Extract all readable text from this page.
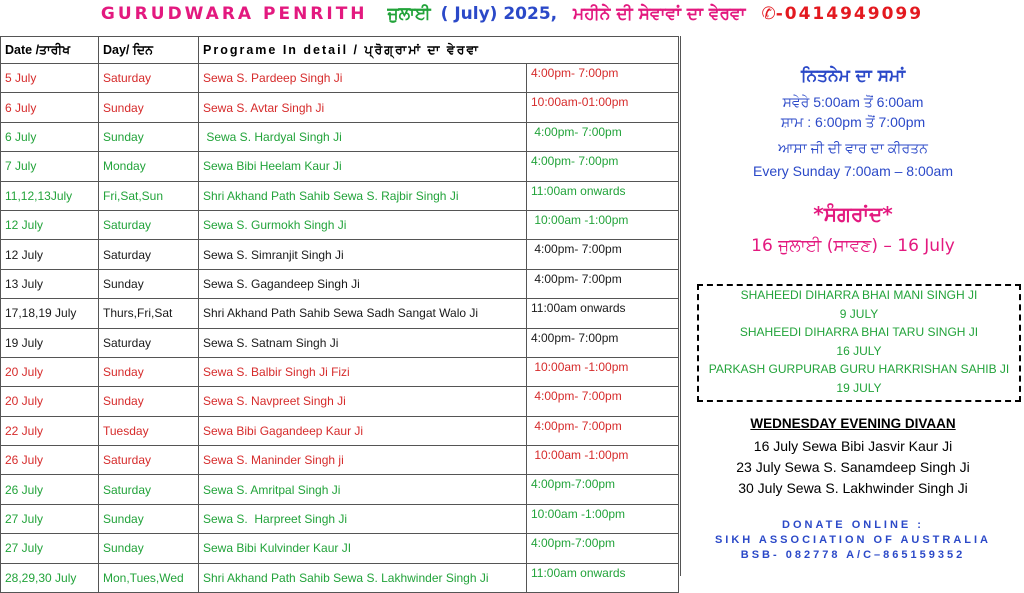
GURUDWARA PENRITH ਜੁਲਾਈ ( July) 2025, ਮਹੀਨੇ ਦੀ ਸੇਵਾਵਾਂ ਦਾ ਵੇਰਵਾ ✆-0414949099
Date /ਤਾਰੀਖ	Day/ ਦਿਨ	Programe In detail / ਪ੍ਰੋਗ੍ਰਾਮਾਂ ਦਾ ਵੇਰਵਾ	
5 July	Saturday	Sewa S. Pardeep Singh Ji	4:00pm- 7:00pm
6 July	Sunday	Sewa S. Avtar Singh Ji	10:00am-01:00pm
6 July	Sunday	Sewa S. Hardyal Singh Ji	4:00pm- 7:00pm
7 July	Monday	Sewa Bibi Heelam Kaur Ji	4:00pm- 7:00pm
11,12,13July	Fri,Sat,Sun	Shri Akhand Path Sahib Sewa S. Rajbir Singh Ji	11:00am onwards
12 July	Saturday	Sewa S. Gurmokh Singh Ji	10:00am -1:00pm
12 July	Saturday	Sewa S. Simranjit Singh Ji	4:00pm- 7:00pm
13 July	Sunday	Sewa S. Gagandeep Singh Ji	4:00pm- 7:00pm
17,18,19 July	Thurs,Fri,Sat	Shri Akhand Path Sahib Sewa Sadh Sangat Walo Ji	11:00am onwards
19 July	Saturday	Sewa S. Satnam Singh Ji	4:00pm- 7:00pm
20 July	Sunday	Sewa S. Balbir Singh Ji Fizi	10:00am -1:00pm
20 July	Sunday	Sewa S. Navpreet Singh Ji	4:00pm- 7:00pm
22 July	Tuesday	Sewa Bibi Gagandeep Kaur Ji	4:00pm- 7:00pm
26 July	Saturday	Sewa S. Maninder Singh ji	10:00am -1:00pm
26 July	Saturday	Sewa S. Amritpal Singh Ji	4:00pm-7:00pm
27 July	Sunday	Sewa S.  Harpreet Singh Ji	10:00am -1:00pm
27 July	Sunday	Sewa Bibi Kulvinder Kaur JI	4:00pm-7:00pm
28,29,30 July	Mon,Tues,Wed	Shri Akhand Path Sahib Sewa S. Lakhwinder Singh Ji	11:00am onwards
ਨਿਤਨੇਮ ਦਾ ਸਮਾਂ
ਸਵੇਰੇ 5:00am ਤੋਂ 6:00am
ਸ਼ਾਮ : 6:00pm ਤੋਂ 7:00pm
ਆਸਾ ਜੀ ਦੀ ਵਾਰ ਦਾ ਕੀਰਤਨ
Every Sunday 7:00am – 8:00am
*ਸੰਗਰਾਂਦ*
16 ਜੁਲਾਈ (ਸਾਵਣ) – 16 July
SHAHEEDI DIHARRA BHAI MANI SINGH JI
9 JULY
SHAHEEDI DIHARRA BHAI TARU SINGH JI
16 JULY
PARKASH GURPURAB GURU HARKRISHAN SAHIB JI
19 JULY
WEDNESDAY EVENING DIVAAN
16 July Sewa Bibi Jasvir Kaur Ji
23 July Sewa S. Sanamdeep Singh Ji
30 July Sewa S. Lakhwinder Singh Ji
DONATE ONLINE :
SIKH ASSOCIATION OF AUSTRALIA
BSB- 082778 A/C–865159352
